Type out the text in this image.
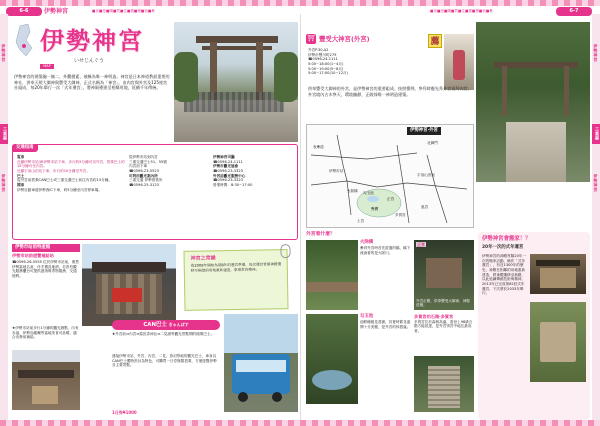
6-6	伊勢神宮	■食■遊■購■買■住■賣■樂■宿■參	■食■遊■購■買■住■賣■樂■宿■參	6-7
伊勢神宮
三重縣
伊勢神宮
伊勢神宮
三重縣
伊勢神宮
伊勢神宮
いせじんぐう
MAP
伊勢神宮的建築獨一無二，外觀樸素，被稱為唯一神明造。神宮是日本神道教最重要的神社，供奉天照大御神與豐受大御神，正式名稱為「神宮」，由內宮與外宮及125座宮社組成，每20年舉行一次「式年遷宮」，將神殿遷建至相鄰用地，延續千年傳統。
交通指南
電車
近鐵伊勢市站/JR伊勢市站下車，步行約5分鐘可至外宮，搭乘巴士約15分鐘可至內宮。
近鐵宇治山田站下車，步行約10分鐘至外宮。
巴士
從外宮前搭乘CAN巴士或三重交通巴士前往內宮約15分鐘。
開車
伊勢自動車道伊勢西IC下車，約5分鐘至內宮停車場。
從伊勢市站到內宮
三重交通巴士51、55號
內宮前下車
☎0596-23-5523
可利用觀光案內所
三重交通 伊勢營業所
☎0596-25-3123
伊勢神宮司廳
☎0596-24-1111
伊勢市觀光協會
☎0596-23-3323
外宮前觀光服務中心
☎0596-23-3323
營業時間：8:30~17:00
伊勢市站前特產館
伊勢市站前遊覽補給站
☎0596-26-5555 位於伊勢市站前，販售伊勢當地名產、伴手禮及地酒，另設有觀光服務櫃台可提供諮詢與寄物服務，交通便利。
★伊勢市站前步行1分鐘的觀光據點，內有赤福、伊勢烏龍麵等當地美食可品嚐，適合出發前補給。
神宮之常識
從2008年開始為期8年的遷宮準備，每次遷宮皆將神殿遷移至隔壁的用地重新建造，象徵常若精神。
CAN巴士 きゃんばす
★外宮前⇔內宮⇔猿田彥神社⇔二見浦等觀光景點間的循環巴士。
連接伊勢市站、外宮、內宮、二見、鳥羽等地的觀光巴士，車身以CAN巴士獨特設計為特色，可購買一日券無限搭乘，方便遊覽伊勢各主要景點。
1日券¥1000
⛩ 豐受大神宮(外宮)	薦
外宮P.30,A2
伊勢市豐川町279
☎0596-24-1111
5:00~18:00(1~4月)
5:00~19:00(5~8月)
5:00~17:00(10~12月)
供奉豐受大御神的外宮，是伊勢神宮的重要組成。按照慣例，參拜時應先拜外宮再拜內宮。外宮境內古木參天，環境幽靜，正殿採唯一神明造建築。
伊勢神宮‧外宮
外宮
伊勢市站
宇治山田站
勾玉池
正宮
多賀宮
土宮
風宮
火除橋
表參道
北御門
伊勢神宮會搬家！？
20年一次的式年遷宮
伊勢神宮的神殿每隔20年一次的搬家活動，稱作「式年遷宮」，有近1300年的歷史。神殿在相鄰的用地重新建造，將神體遷移至新殿，以此延續傳統技術與精神，2013年已完成第62回式年遷宮，下次將於2033年舉行。
外宮看什麼？
火除橋
參拜外宮時首先經過的橋，橋下流淌著的是火除川。
正宮
外宮正殿，供奉豐受大御神，神聖莊嚴。
勾玉池
池畔種植花菖蒲，初夏時繁花盛開十分美麗，是外宮的休憩處。
多賀宮的石階‧多賀宮
多賀宮位於森林高處，需登上98級石階方能抵達，是外宮別宮中地位最高者。
